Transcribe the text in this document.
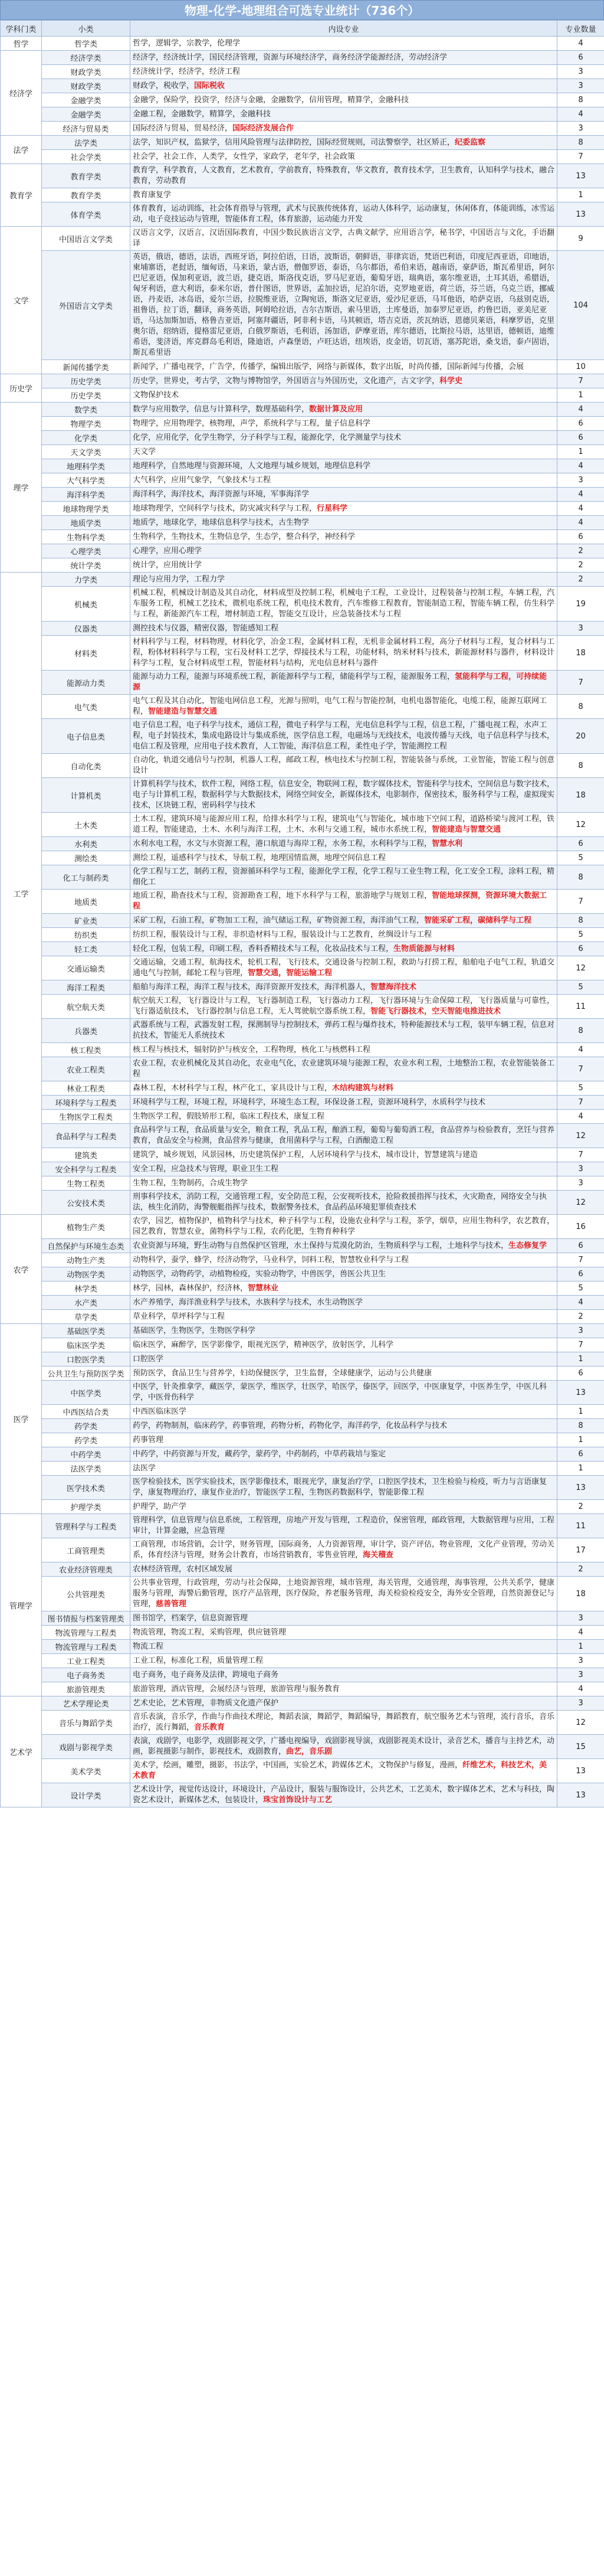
物理-化学-地理组合可选专业统计（736个）
学科门类	小类	内设专业	专业数量
哲学	哲学类	哲学，逻辑学，宗教学，伦理学	4
经济学	经济学类	经济学，经济统计学，国民经济管理，资源与环境经济学，商务经济学能源经济，劳动经济学	6
	财政学类	经济统计学，经济学，经济工程	3
	财政学类	财政学，税收学，国际税收	3
	金融学类	金融学，保险学，投资学，经济与金融，金融数学，信用管理，精算学，金融科技	8
	金融学类	金融工程，金融数学，精算学，金融科技	4
	经济与贸易类	国际经济与贸易，贸易经济，国际经济发展合作	3
法学	法学类	法学，知识产权，监狱学，信用风险管理与法律防控，国际经贸规则，司法警察学，社区矫正，纪委监察	8
	社会学类	社会学，社会工作，人类学，女性学，家政学，老年学，社会政策	7
教育学	教育学类	教育学，科学教育，人文教育，艺术教育，学前教育，特殊教育，华文教育，教育技术学，卫生教育，认知科学与技术，融合教育，劳动教育	13
	教育学类	教育康复学	1
	体育学类	体育教育，运动训练，社会体育指导与管理，武术与民族传统体育，运动人体科学，运动康复，休闲体育，体能训练，冰雪运动，电子竞技运动与管理，智能体育工程，体育旅游，运动能力开发	13
文学	中国语言文学类	汉语言文学，汉语言，汉语国际教育，中国少数民族语言文学，古典文献学，应用语言学，秘书学，中国语言与文化，手语翻译	9
	外国语言文学类	英语，俄语，德语，法语，西班牙语，阿拉伯语，日语，波斯语，朝鲜语，菲律宾语，梵语巴利语，印度尼西亚语，印地语，柬埔寨语，老挝语，缅甸语，马来语，蒙古语，僧伽罗语，泰语，乌尔都语，希伯来语，越南语，豪萨语，斯瓦希里语，阿尔巴尼亚语，保加利亚语，波兰语，捷克语，斯洛伐克语，罗马尼亚语，葡萄牙语，瑞典语，塞尔维亚语，土耳其语，希腊语，匈牙利语，意大利语，泰米尔语，普什图语，世界语，孟加拉语，尼泊尔语，克罗地亚语，荷兰语，芬兰语，乌克兰语，挪威语，丹麦语，冰岛语，爱尔兰语，拉脱维亚语，立陶宛语，斯洛文尼亚语，爱沙尼亚语，马耳他语，哈萨克语，乌兹别克语，祖鲁语，拉丁语，翻译，商务英语，阿姆哈拉语，吉尔吉斯语，索马里语，土库曼语，加泰罗尼亚语，约鲁巴语，亚美尼亚语，马达加斯加语，格鲁吉亚语，阿塞拜疆语，阿非利卡语，马其顿语，塔吉克语，茨瓦纳语，恩德贝莱语，科摩罗语，克里奥尔语，绍纳语，提格雷尼亚语，白俄罗斯语，毛利语，汤加语，萨摩亚语，库尔德语，比斯拉马语，达里语，德顿语，迪维希语，斐济语，库克群岛毛利语，隆迪语，卢森堡语，卢旺达语，纽埃语，皮金语，切瓦语，塞苏陀语，桑戈语，泰卢固语，斯瓦希里语	104
	新闻传播学类	新闻学，广播电视学，广告学，传播学，编辑出版学，网络与新媒体，数字出版，时尚传播，国际新闻与传播，会展	10
历史学	历史学类	历史学，世界史，考古学，文物与博物馆学，外国语言与外国历史，文化遗产，古文字学，科学史	7
	历史学类	文物保护技术	1
理学	数学类	数学与应用数学，信息与计算科学，数理基础科学，数据计算及应用	4
	物理学类	物理学，应用物理学，核物理，声学，系统科学与工程，量子信息科学	6
	化学类	化学，应用化学，化学生物学，分子科学与工程，能源化学，化学测量学与技术	6
	天文学类	天文学	1
	地理科学类	地理科学，自然地理与资源环境，人文地理与城乡规划，地理信息科学	4
	大气科学类	大气科学，应用气象学，气象技术与工程	3
	海洋科学类	海洋科学，海洋技术，海洋资源与环境，军事海洋学	4
	地球物理学类	地球物理学，空间科学与技术，防灾减灾科学与工程，行星科学	4
	地质学类	地质学，地球化学，地球信息科学与技术，古生物学	4
	生物科学类	生物科学，生物技术，生物信息学，生态学，整合科学，神经科学	6
	心理学类	心理学，应用心理学	2
	统计学类	统计学，应用统计学	2
工学	力学类	理论与应用力学，工程力学	2
	机械类	机械工程，机械设计制造及其自动化，材料成型及控制工程，机械电子工程，工业设计，过程装备与控制工程，车辆工程，汽车服务工程，机械工艺技术，微机电系统工程，机电技术教育，汽车维修工程教育，智能制造工程，智能车辆工程，仿生科学与工程，新能源汽车工程，增材制造工程，智能交互设计，应急装备技术与工程	19
	仪器类	测控技术与仪器，精密仪器，智能感知工程	3
	材料类	材料科学与工程，材料物理，材料化学，冶金工程，金属材料工程，无机非金属材料工程，高分子材料与工程，复合材料与工程，粉体材料科学与工程，宝石及材料工艺学，焊接技术与工程，功能材料，纳米材料与技术，新能源材料与器件，材料设计科学与工程，复合材料成型工程，智能材料与结构，光电信息材料与器件	18
	能源动力类	能源与动力工程，能源与环境系统工程，新能源科学与工程，储能科学与工程，能源服务工程，氢能科学与工程，可持续能源	7
	电气类	电气工程及其自动化，智能电网信息工程，光源与照明，电气工程与智能控制，电机电器智能化，电缆工程，能源互联网工程，智能建造与智慧交通	8
	电子信息类	电子信息工程，电子科学与技术，通信工程，微电子科学与工程，光电信息科学与工程，信息工程，广播电视工程，水声工程，电子封装技术，集成电路设计与集成系统，医学信息工程，电磁场与无线技术，电波传播与天线，电子信息科学与技术，电信工程及管理，应用电子技术教育，人工智能，海洋信息工程，柔性电子学，智能测控工程	20
	自动化类	自动化，轨道交通信号与控制，机器人工程，邮政工程，核电技术与控制工程，智能装备与系统，工业智能，智能工程与创意设计	8
	计算机类	计算机科学与技术，软件工程，网络工程，信息安全，物联网工程，数字媒体技术，智能科学与技术，空间信息与数字技术，电子与计算机工程，数据科学与大数据技术，网络空间安全，新媒体技术，电影制作，保密技术，服务科学与工程，虚拟现实技术，区块链工程，密码科学与技术	18
	土木类	土木工程，建筑环境与能源应用工程，给排水科学与工程，建筑电气与智能化，城市地下空间工程，道路桥梁与渡河工程，铁道工程，智能建造，土木、水利与海洋工程，土木、水利与交通工程，城市水系统工程，智能建造与智慧交通	12
	水利类	水利水电工程，水文与水资源工程，港口航道与海岸工程，水务工程，水利科学与工程，智慧水利	6
	测绘类	测绘工程，遥感科学与技术，导航工程，地理国情监测，地理空间信息工程	5
	化工与制药类	化学工程与工艺，制药工程，资源循环科学与工程，能源化学工程，化学工程与工业生物工程，化工安全工程，涂料工程，精细化工	8
	地质类	地质工程，勘查技术与工程，资源勘查工程，地下水科学与工程，旅游地学与规划工程，智能地球探测，资源环境大数据工程	7
	矿业类	采矿工程，石油工程，矿物加工工程，油气储运工程，矿物资源工程，海洋油气工程，智能采矿工程，碳储科学与工程	8
	纺织类	纺织工程，服装设计与工程，非织造材料与工程，服装设计与工艺教育，丝绸设计与工程	5
	轻工类	轻化工程，包装工程，印刷工程，香料香精技术与工程，化妆品技术与工程，生物质能源与材料	6
	交通运输类	交通运输，交通工程，航海技术，轮机工程，飞行技术，交通设备与控制工程，救助与打捞工程，船舶电子电气工程，轨道交通电气与控制，邮轮工程与管理，智慧交通，智能运输工程	12
	海洋工程类	船舶与海洋工程，海洋工程与技术，海洋资源开发技术，海洋机器人，智慧海洋技术	5
	航空航天类	航空航天工程，飞行器设计与工程，飞行器制造工程，飞行器动力工程，飞行器环境与生命保障工程，飞行器质量与可靠性，飞行器适航技术，飞行器控制与信息工程，无人驾驶航空器系统工程，智能飞行器技术，空天智能电推进技术	11
	兵器类	武器系统与工程，武器发射工程，探测制导与控制技术，弹药工程与爆炸技术，特种能源技术与工程，装甲车辆工程，信息对抗技术，智能无人系统技术	8
	核工程类	核工程与核技术，辐射防护与核安全，工程物理，核化工与核燃料工程	4
	农业工程类	农业工程，农业机械化及其自动化，农业电气化，农业建筑环境与能源工程，农业水利工程，土地整治工程，农业智能装备工程	7
	林业工程类	森林工程，木材科学与工程，林产化工，家具设计与工程，木结构建筑与材料	5
	环境科学与工程类	环境科学与工程，环境工程，环境科学，环境生态工程，环保设备工程，资源环境科学，水质科学与技术	7
	生物医学工程类	生物医学工程，假肢矫形工程，临床工程技术，康复工程	4
	食品科学与工程类	食品科学与工程，食品质量与安全，粮食工程，乳品工程，酿酒工程，葡萄与葡萄酒工程，食品营养与检验教育，烹饪与营养教育，食品安全与检测，食品营养与健康，食用菌科学与工程，白酒酿造工程	12
	建筑类	建筑学，城乡规划，风景园林，历史建筑保护工程，人居环境科学与技术，城市设计，智慧建筑与建造	7
	安全科学与工程类	安全工程，应急技术与管理，职业卫生工程	3
	生物工程类	生物工程，生物制药，合成生物学	3
	公安技术类	刑事科学技术，消防工程，交通管理工程，安全防范工程，公安视听技术，抢险救援指挥与技术，火灾勘查，网络安全与执法，核生化消防，海警舰艇指挥与技术，数据警务技术，食品药品环境犯罪侦查技术	12
农学	植物生产类	农学，园艺，植物保护，植物科学与技术，种子科学与工程，设施农业科学与工程，茶学，烟草，应用生物科学，农艺教育，园艺教育，智慧农业，菌物科学与工程，农药化肥，生物育种科学	16
	自然保护与环境生态类	农业资源与环境，野生动物与自然保护区管理，水土保持与荒漠化防治，生物质科学与工程，土地科学与技术，生态修复学	6
	动物生产类	动物科学，蚕学，蜂学，经济动物学，马业科学，饲料工程，智慧牧业科学与工程	7
	动物医学类	动物医学，动物药学，动植物检疫，实验动物学，中兽医学，兽医公共卫生	6
	林学类	林学，园林，森林保护，经济林，智慧林业	5
	水产类	水产养殖学，海洋渔业科学与技术，水族科学与技术，水生动物医学	4
	草学类	草业科学，草坪科学与工程	2
医学	基础医学类	基础医学，生物医学，生物医学科学	3
	临床医学类	临床医学，麻醉学，医学影像学，眼视光医学，精神医学，放射医学，儿科学	7
	口腔医学类	口腔医学	1
	公共卫生与预防医学类	预防医学，食品卫生与营养学，妇幼保健医学，卫生监督，全球健康学，运动与公共健康	6
	中医学类	中医学，针灸推拿学，藏医学，蒙医学，维医学，壮医学，哈医学，傣医学，回医学，中医康复学，中医养生学，中医儿科学，中医骨伤科学	13
	中西医结合类	中西医临床医学	1
	药学类	药学，药物制剂，临床药学，药事管理，药物分析，药物化学，海洋药学，化妆品科学与技术	8
	药学类	药事管理	1
	中药学类	中药学，中药资源与开发，藏药学，蒙药学，中药制药，中草药栽培与鉴定	6
	法医学类	法医学	1
	医学技术类	医学检验技术，医学实验技术，医学影像技术，眼视光学，康复治疗学，口腔医学技术，卫生检验与检疫，听力与言语康复学，康复物理治疗，康复作业治疗，智能医学工程，生物医药数据科学，智能影像工程	13
	护理学类	护理学，助产学	2
管理学	管理科学与工程类	管理科学，信息管理与信息系统，工程管理，房地产开发与管理，工程造价，保密管理，邮政管理，大数据管理与应用，工程审计，计算金融，应急管理	11
	工商管理类	工商管理，市场营销，会计学，财务管理，国际商务，人力资源管理，审计学，资产评估，物业管理，文化产业管理，劳动关系，体育经济与管理，财务会计教育，市场营销教育，零售业管理，海关稽查	17
	农业经济管理类	农林经济管理，农村区域发展	2
	公共管理类	公共事业管理，行政管理，劳动与社会保障，土地资源管理，城市管理，海关管理，交通管理，海事管理，公共关系学，健康服务与管理，海警后勤管理，医疗产品管理，医疗保险，养老服务管理，海关检验检疫安全，海外安全管理，自然资源登记与管理，慈善管理	18
	图书情报与档案管理类	图书馆学，档案学，信息资源管理	3
	物流管理与工程类	物流管理，物流工程，采购管理，供应链管理	4
	物流管理与工程类	物流工程	1
	工业工程类	工业工程，标准化工程，质量管理工程	3
	电子商务类	电子商务，电子商务及法律，跨境电子商务	3
	旅游管理类	旅游管理，酒店管理，会展经济与管理，旅游管理与服务教育	4
艺术学	艺术学理论类	艺术史论，艺术管理，非物质文化遗产保护	3
	音乐与舞蹈学类	音乐表演，音乐学，作曲与作曲技术理论，舞蹈表演，舞蹈学，舞蹈编导，舞蹈教育，航空服务艺术与管理，流行音乐，音乐治疗，流行舞蹈，音乐教育	12
	戏剧与影视学类	表演，戏剧学，电影学，戏剧影视文学，广播电视编导，戏剧影视导演，戏剧影视美术设计，录音艺术，播音与主持艺术，动画，影视摄影与制作，影视技术，戏剧教育，曲艺，音乐剧	15
	美术学类	美术学，绘画，雕塑，摄影，书法学，中国画，实验艺术，跨媒体艺术，文物保护与修复，漫画，纤维艺术，科技艺术，美术教育	13
	设计学类	艺术设计学，视觉传达设计，环境设计，产品设计，服装与服饰设计，公共艺术，工艺美术，数字媒体艺术，艺术与科技，陶瓷艺术设计，新媒体艺术，包装设计，珠宝首饰设计与工艺	13
